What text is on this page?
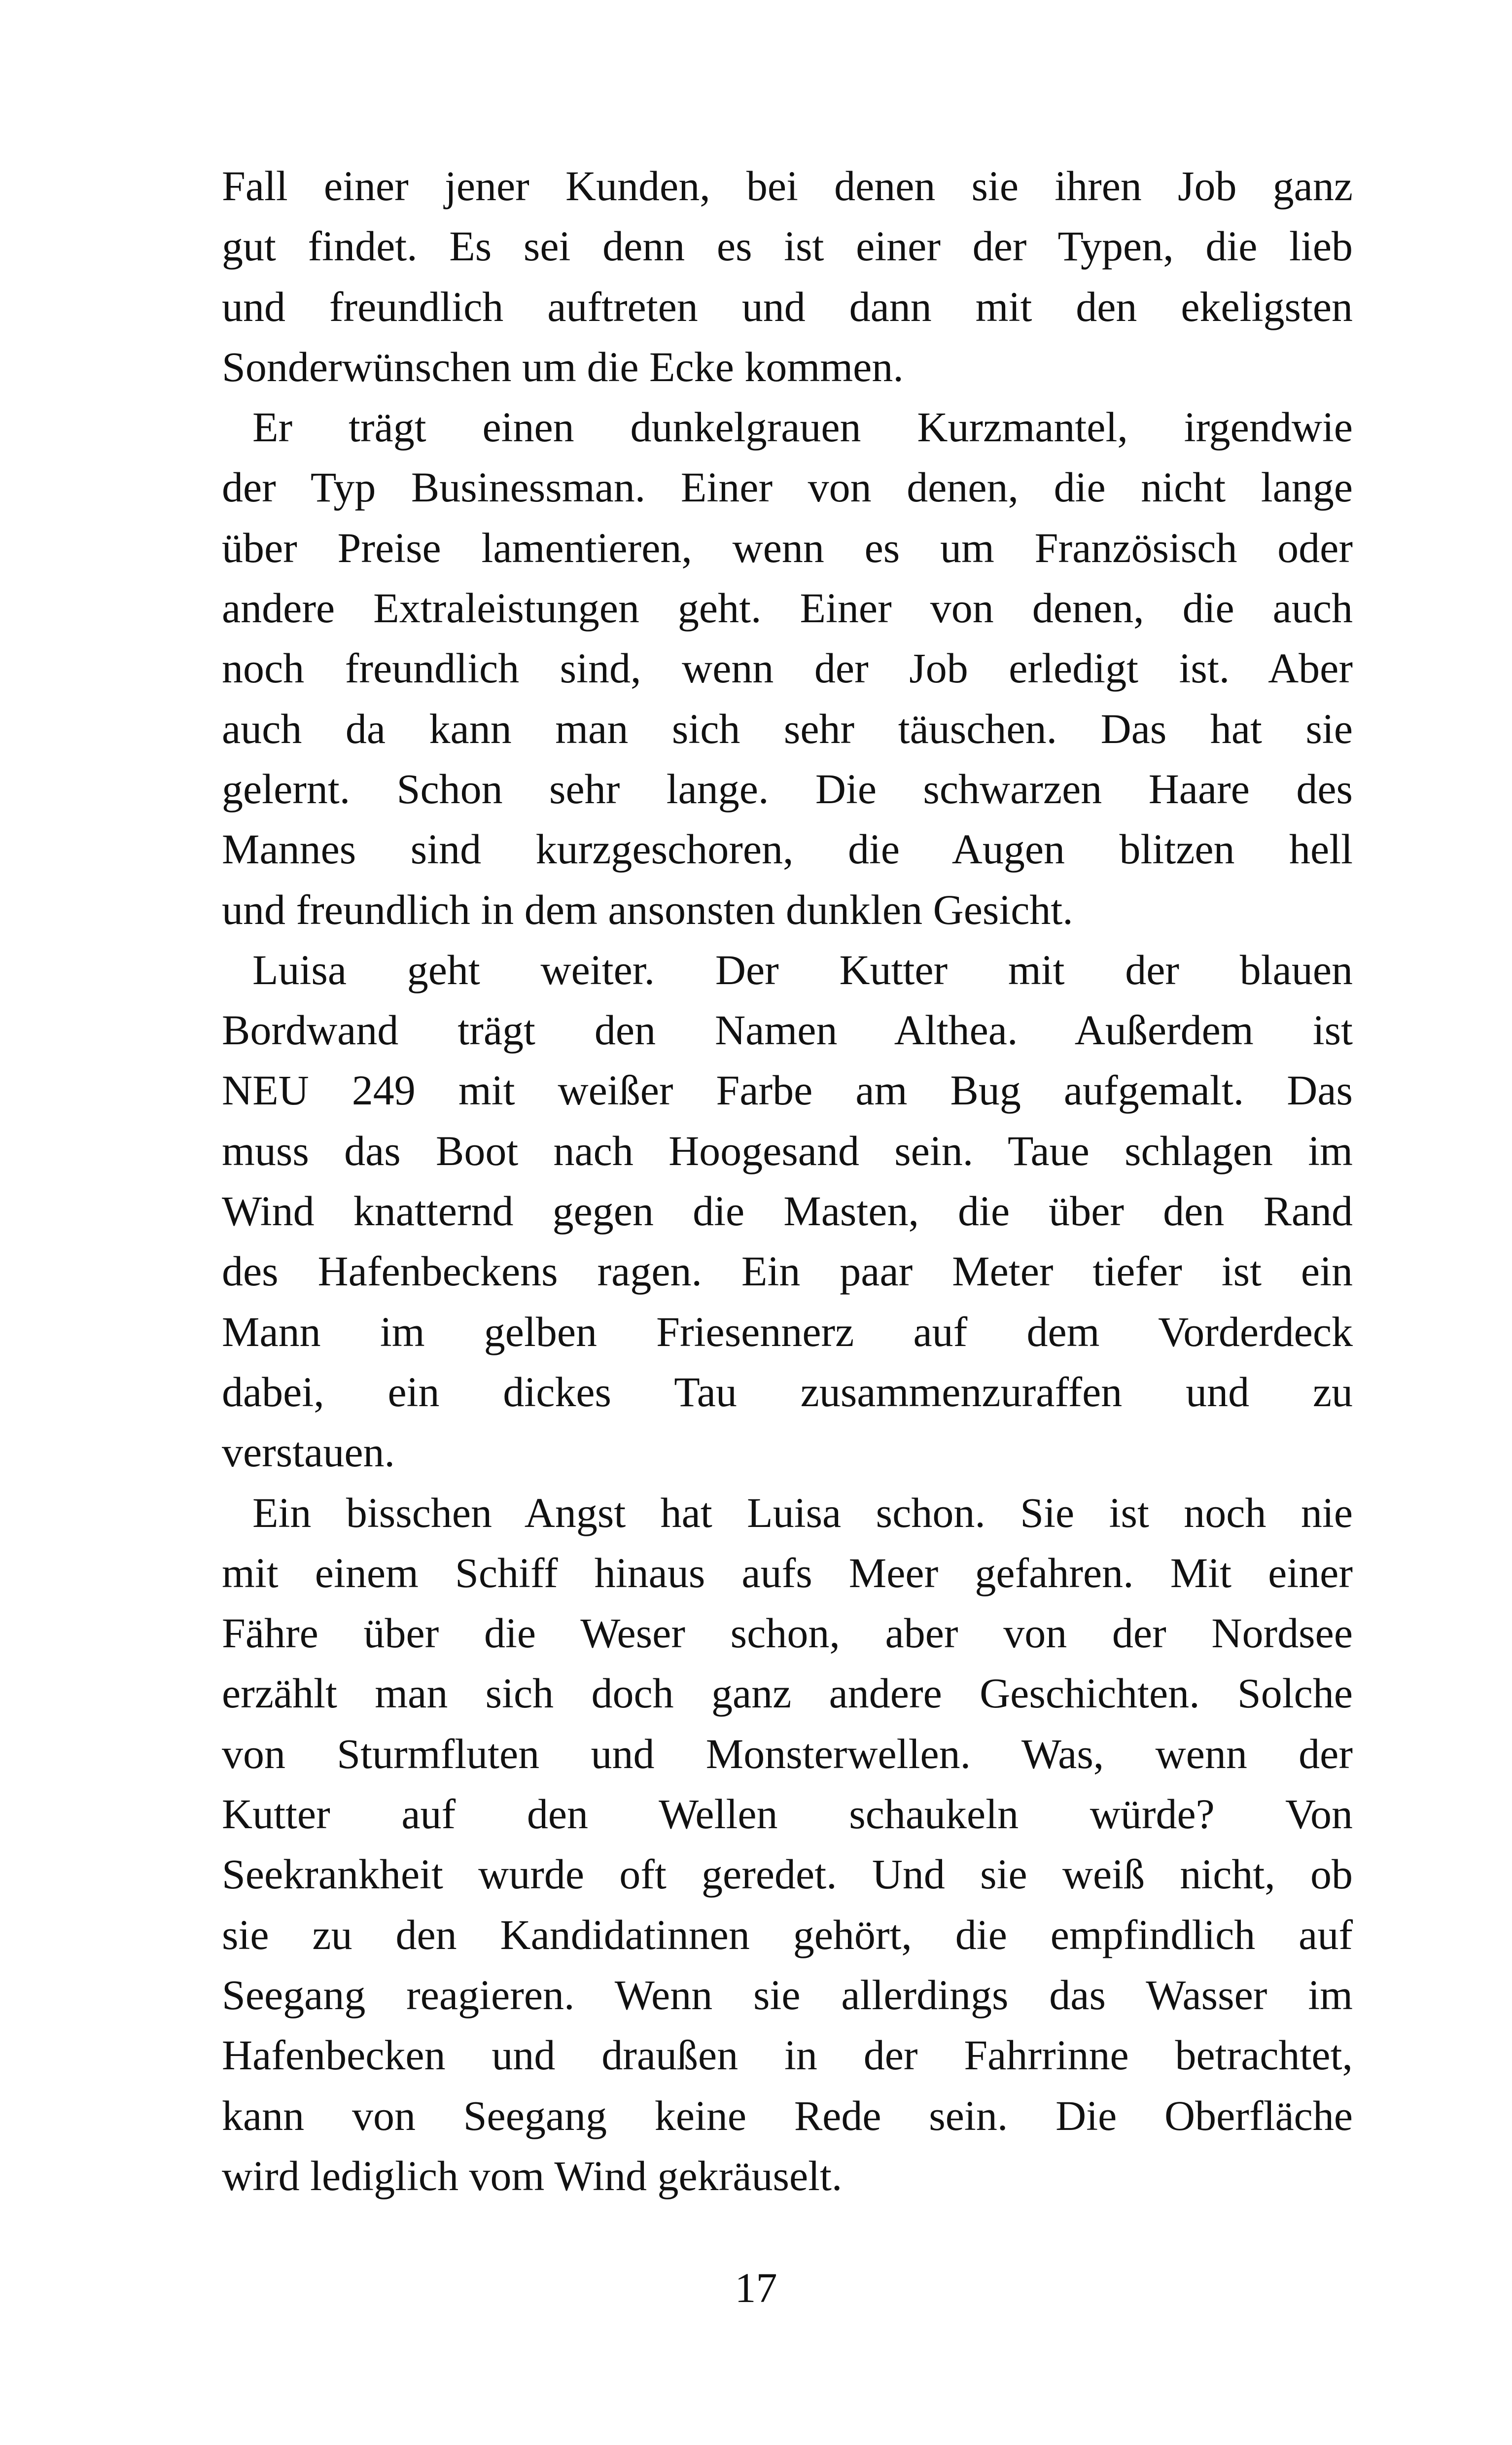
Fall einer jener Kunden, bei denen sie ihren Job ganz
gut findet. Es sei denn es ist einer der Typen, die lieb
und freundlich auftreten und dann mit den ekeligsten
Sonderwünschen um die Ecke kommen.
Er trägt einen dunkelgrauen Kurzmantel, irgendwie
der Typ Businessman. Einer von denen, die nicht lange
über Preise lamentieren, wenn es um Französisch oder
andere Extraleistungen geht. Einer von denen, die auch
noch freundlich sind, wenn der Job erledigt ist. Aber
auch da kann man sich sehr täuschen. Das hat sie
gelernt. Schon sehr lange. Die schwarzen Haare des
Mannes sind kurzgeschoren, die Augen blitzen hell
und freundlich in dem ansonsten dunklen Gesicht.
Luisa geht weiter. Der Kutter mit der blauen
Bordwand trägt den Namen Althea. Außerdem ist
NEU 249 mit weißer Farbe am Bug aufgemalt. Das
muss das Boot nach Hoogesand sein. Taue schlagen im
Wind knatternd gegen die Masten, die über den Rand
des Hafenbeckens ragen. Ein paar Meter tiefer ist ein
Mann im gelben Friesennerz auf dem Vorderdeck
dabei, ein dickes Tau zusammenzuraffen und zu
verstauen.
Ein bisschen Angst hat Luisa schon. Sie ist noch nie
mit einem Schiff hinaus aufs Meer gefahren. Mit einer
Fähre über die Weser schon, aber von der Nordsee
erzählt man sich doch ganz andere Geschichten. Solche
von Sturmfluten und Monsterwellen. Was, wenn der
Kutter auf den Wellen schaukeln würde? Von
Seekrankheit wurde oft geredet. Und sie weiß nicht, ob
sie zu den Kandidatinnen gehört, die empfindlich auf
Seegang reagieren. Wenn sie allerdings das Wasser im
Hafenbecken und draußen in der Fahrrinne betrachtet,
kann von Seegang keine Rede sein. Die Oberfläche
wird lediglich vom Wind gekräuselt.
17
